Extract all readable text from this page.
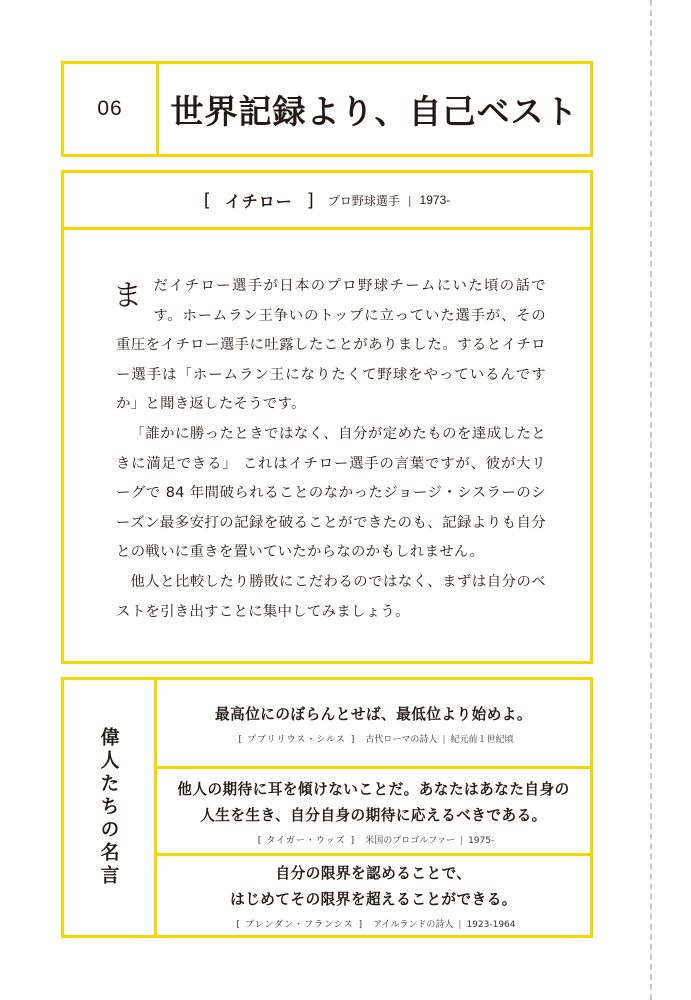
06	世界記録より、自己ベスト
[ イチロー ] プロ野球選手 | 1973-

まだイチロー選手が日本のプロ野球チームにいた頃の話です。ホームラン王争いのトップに立っていた選手が、その重圧をイチロー選手に吐露したことがありました。するとイチロー選手は「ホームラン王になりたくて野球をやっているんですか」と聞き返したそうです。

「誰かに勝ったときではなく、自分が定めたものを達成したときに満足できる」 これはイチロー選手の言葉ですが、彼が大リーグで 84 年間破られることのなかったジョージ・シスラーのシーズン最多安打の記録を破ることができたのも、記録よりも自分との戦いに重きを置いていたからなのかもしれません。

他人と比較したり勝敗にこだわるのではなく、まずは自分のベストを引き出すことに集中してみましょう。

偉人たちの名言
最高位にのぼらんとせば、最低位より始めよ。
[ プブリリウス・シルス ] 古代ローマの詩人 | 紀元前１世紀頃
他人の期待に耳を傾けないことだ。あなたはあなた自身の
人生を生き、自分自身の期待に応えるべきである。
[ タイガー・ウッズ ] 米国のプロゴルファー | 1975-
自分の限界を認めることで、
はじめてその限界を超えることができる。
[ ブレンダン・フランシス ] アイルランドの詩人 | 1923-1964
